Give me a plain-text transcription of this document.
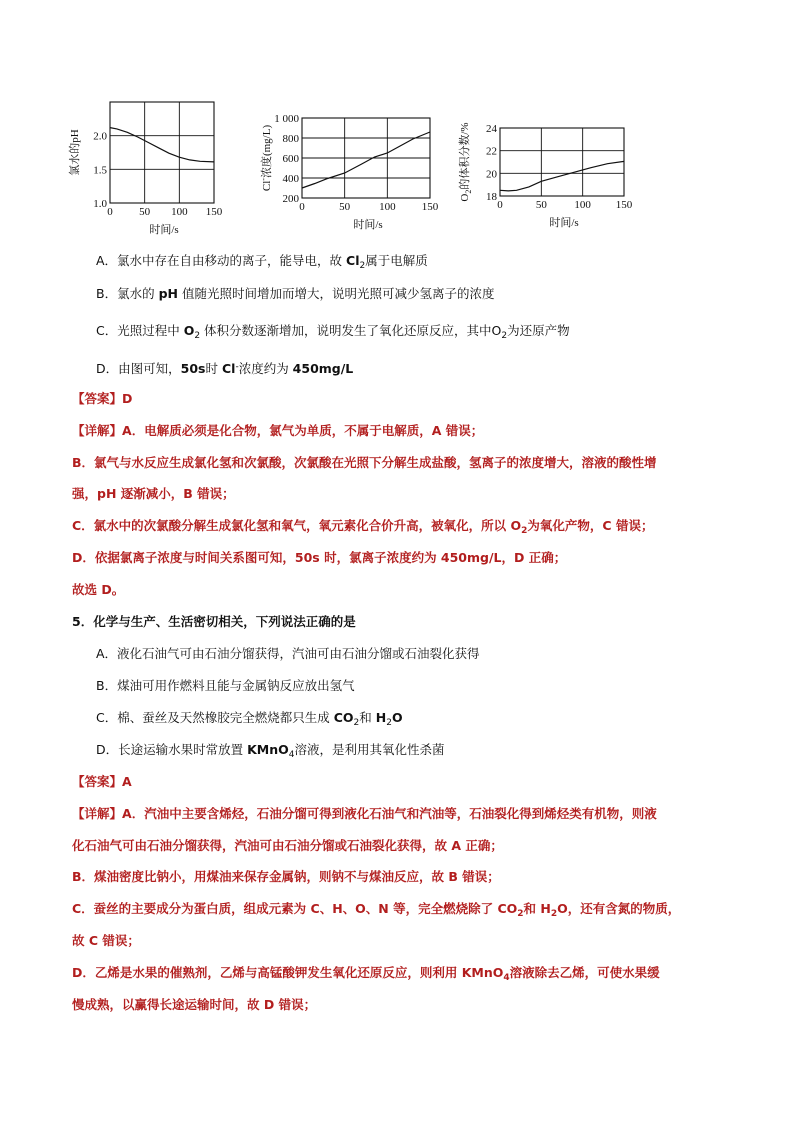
0 50 100 150
1.0
1.5
2.0
时间/s
氯水的pH
0	50	100 150
200
400
600
800
1 000
时间/s
Cl-浓度(mg/L)
0	50	100 150
18
20
22
24
时间/s
$O_2$的体积分数/%
A．氯水中存在自由移动的离子，能导电，故 $Cl_2$属于电解质
B．氯水的 pH 值随光照时间增加而增大，说明光照可减少氢离子的浓度
C．光照过程中 $O_2$ 体积分数逐渐增加，说明发生了氧化还原反应，其中$O_2$为还原产物
D．由图可知，50s时 Cl-浓度约为 450mg/L
【答案】D
【详解】A．电解质必须是化合物，氯气为单质，不属于电解质，A 错误；
B．氯气与水反应生成氯化氢和次氯酸，次氯酸在光照下分解生成盐酸，氢离子的浓度增大，溶液的酸性增
强，pH 逐渐减小，B 错误；
C．氯水中的次氯酸分解生成氯化氢和氧气，氧元素化合价升高，被氧化，所以 $O_2$为氧化产物，C 错误；
D．依据氯离子浓度与时间关系图可知，50s 时，氯离子浓度约为 450mg/L，D 正确；
故选 D。
5．化学与生产、生活密切相关，下列说法正确的是
A．液化石油气可由石油分馏获得，汽油可由石油分馏或石油裂化获得
B．煤油可用作燃料且能与金属钠反应放出氢气
C．棉、蚕丝及天然橡胶完全燃烧都只生成 $CO_2$和 $H_2O$
D．长途运输水果时常放置 KMnO$_4$溶液，是利用其氧化性杀菌
【答案】A
【详解】A．汽油中主要含烯烃，石油分馏可得到液化石油气和汽油等，石油裂化得到烯烃类有机物，则液
化石油气可由石油分馏获得，汽油可由石油分馏或石油裂化获得，故 A 正确；
B．煤油密度比钠小，用煤油来保存金属钠，则钠不与煤油反应，故 B 错误；
C．蚕丝的主要成分为蛋白质，组成元素为 C、H、O、N 等，完全燃烧除了 $CO_2$和 $H_2O$，还有含氮的物质，
故 C 错误；
D．乙烯是水果的催熟剂，乙烯与高锰酸钾发生氧化还原反应，则利用 KMnO$_4$溶液除去乙烯，可使水果缓
慢成熟，以赢得长途运输时间，故 D 错误；
